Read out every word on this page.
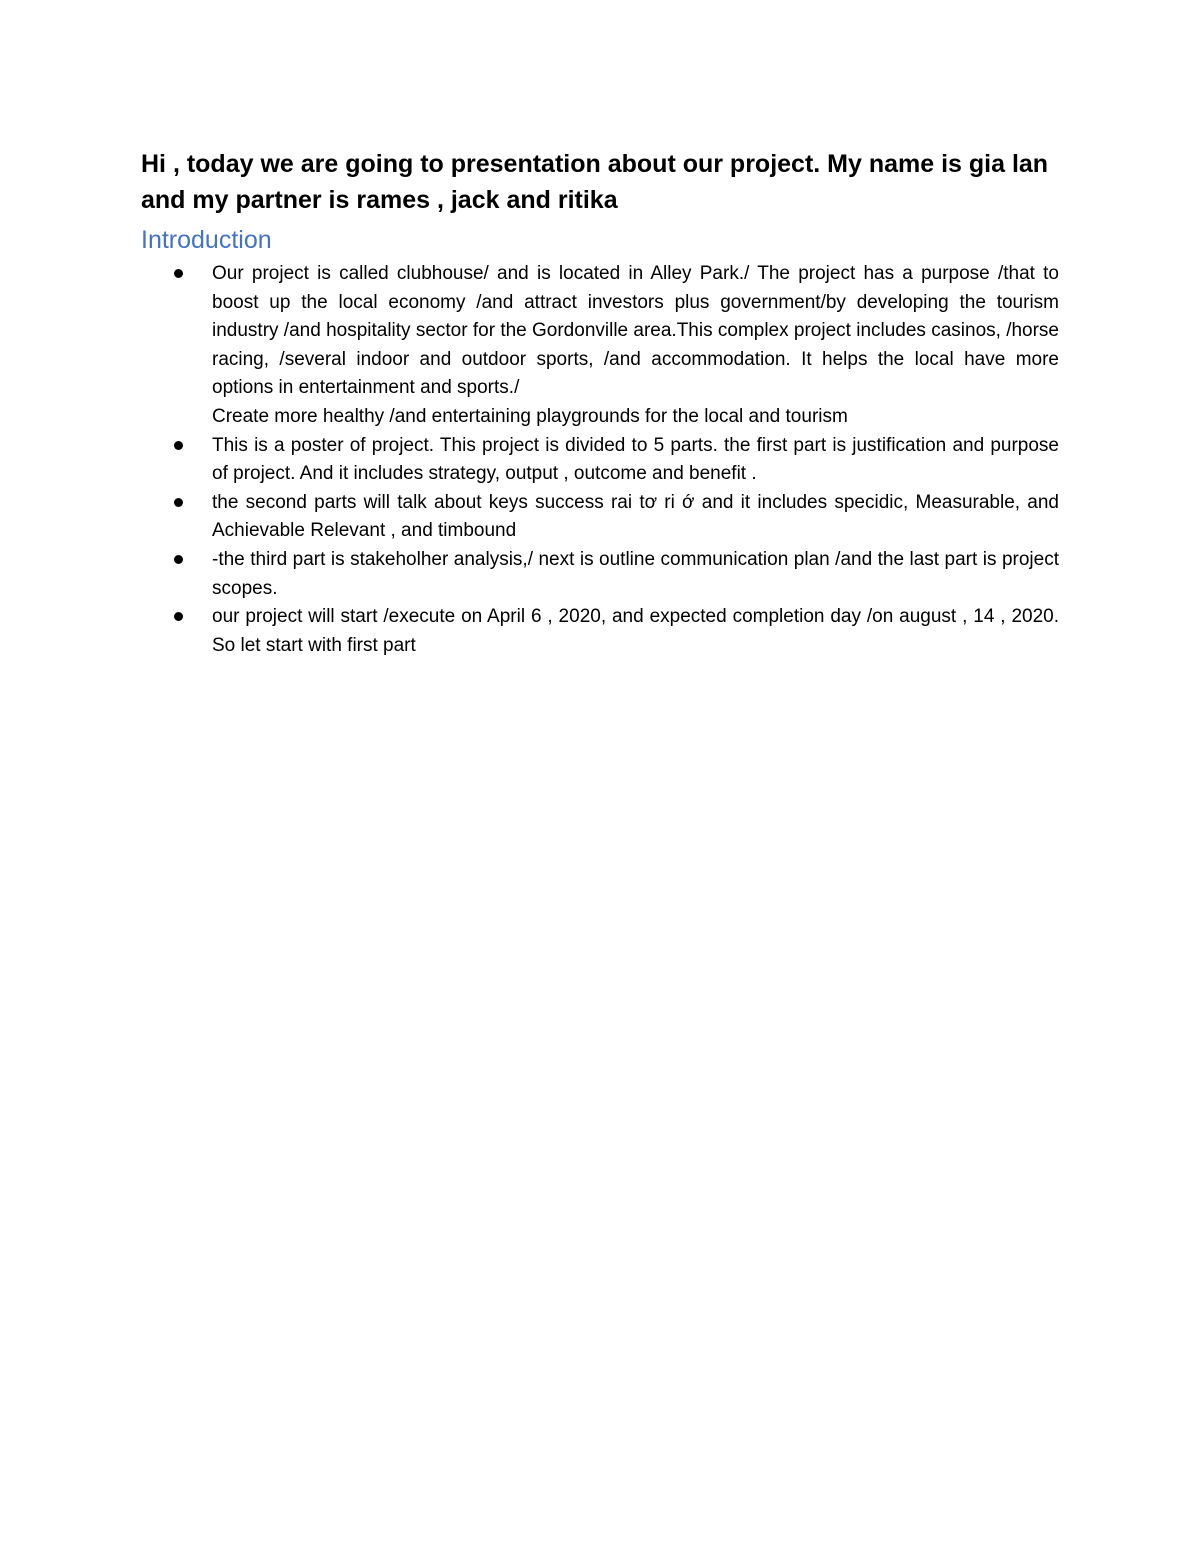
Hi , today we are going to presentation about our project. My name is gia lan and my partner is rames , jack and ritika
Introduction
Our project is called clubhouse/ and is located in Alley Park./ The project has a purpose /that to boost up the local economy /and attract investors plus government/by developing the tourism industry /and hospitality sector for the Gordonville area.This complex project includes casinos, /horse racing, /several indoor and outdoor sports, /and accommodation. It helps the local have more options in entertainment and sports./
Create more healthy /and entertaining playgrounds for the local and tourism
This is a poster of project. This project is divided to 5 parts. the first part is justification and purpose of project. And it includes strategy, output , outcome and benefit .
the second parts will talk about keys success rai tơ ri ớ and it includes specidic, Measurable, and Achievable Relevant , and timbound
-the third part is stakeholher analysis,/ next is outline communication plan /and the last part is project scopes.
our project will start /execute on April 6 , 2020, and expected completion day /on august , 14 , 2020. So let start with first part
